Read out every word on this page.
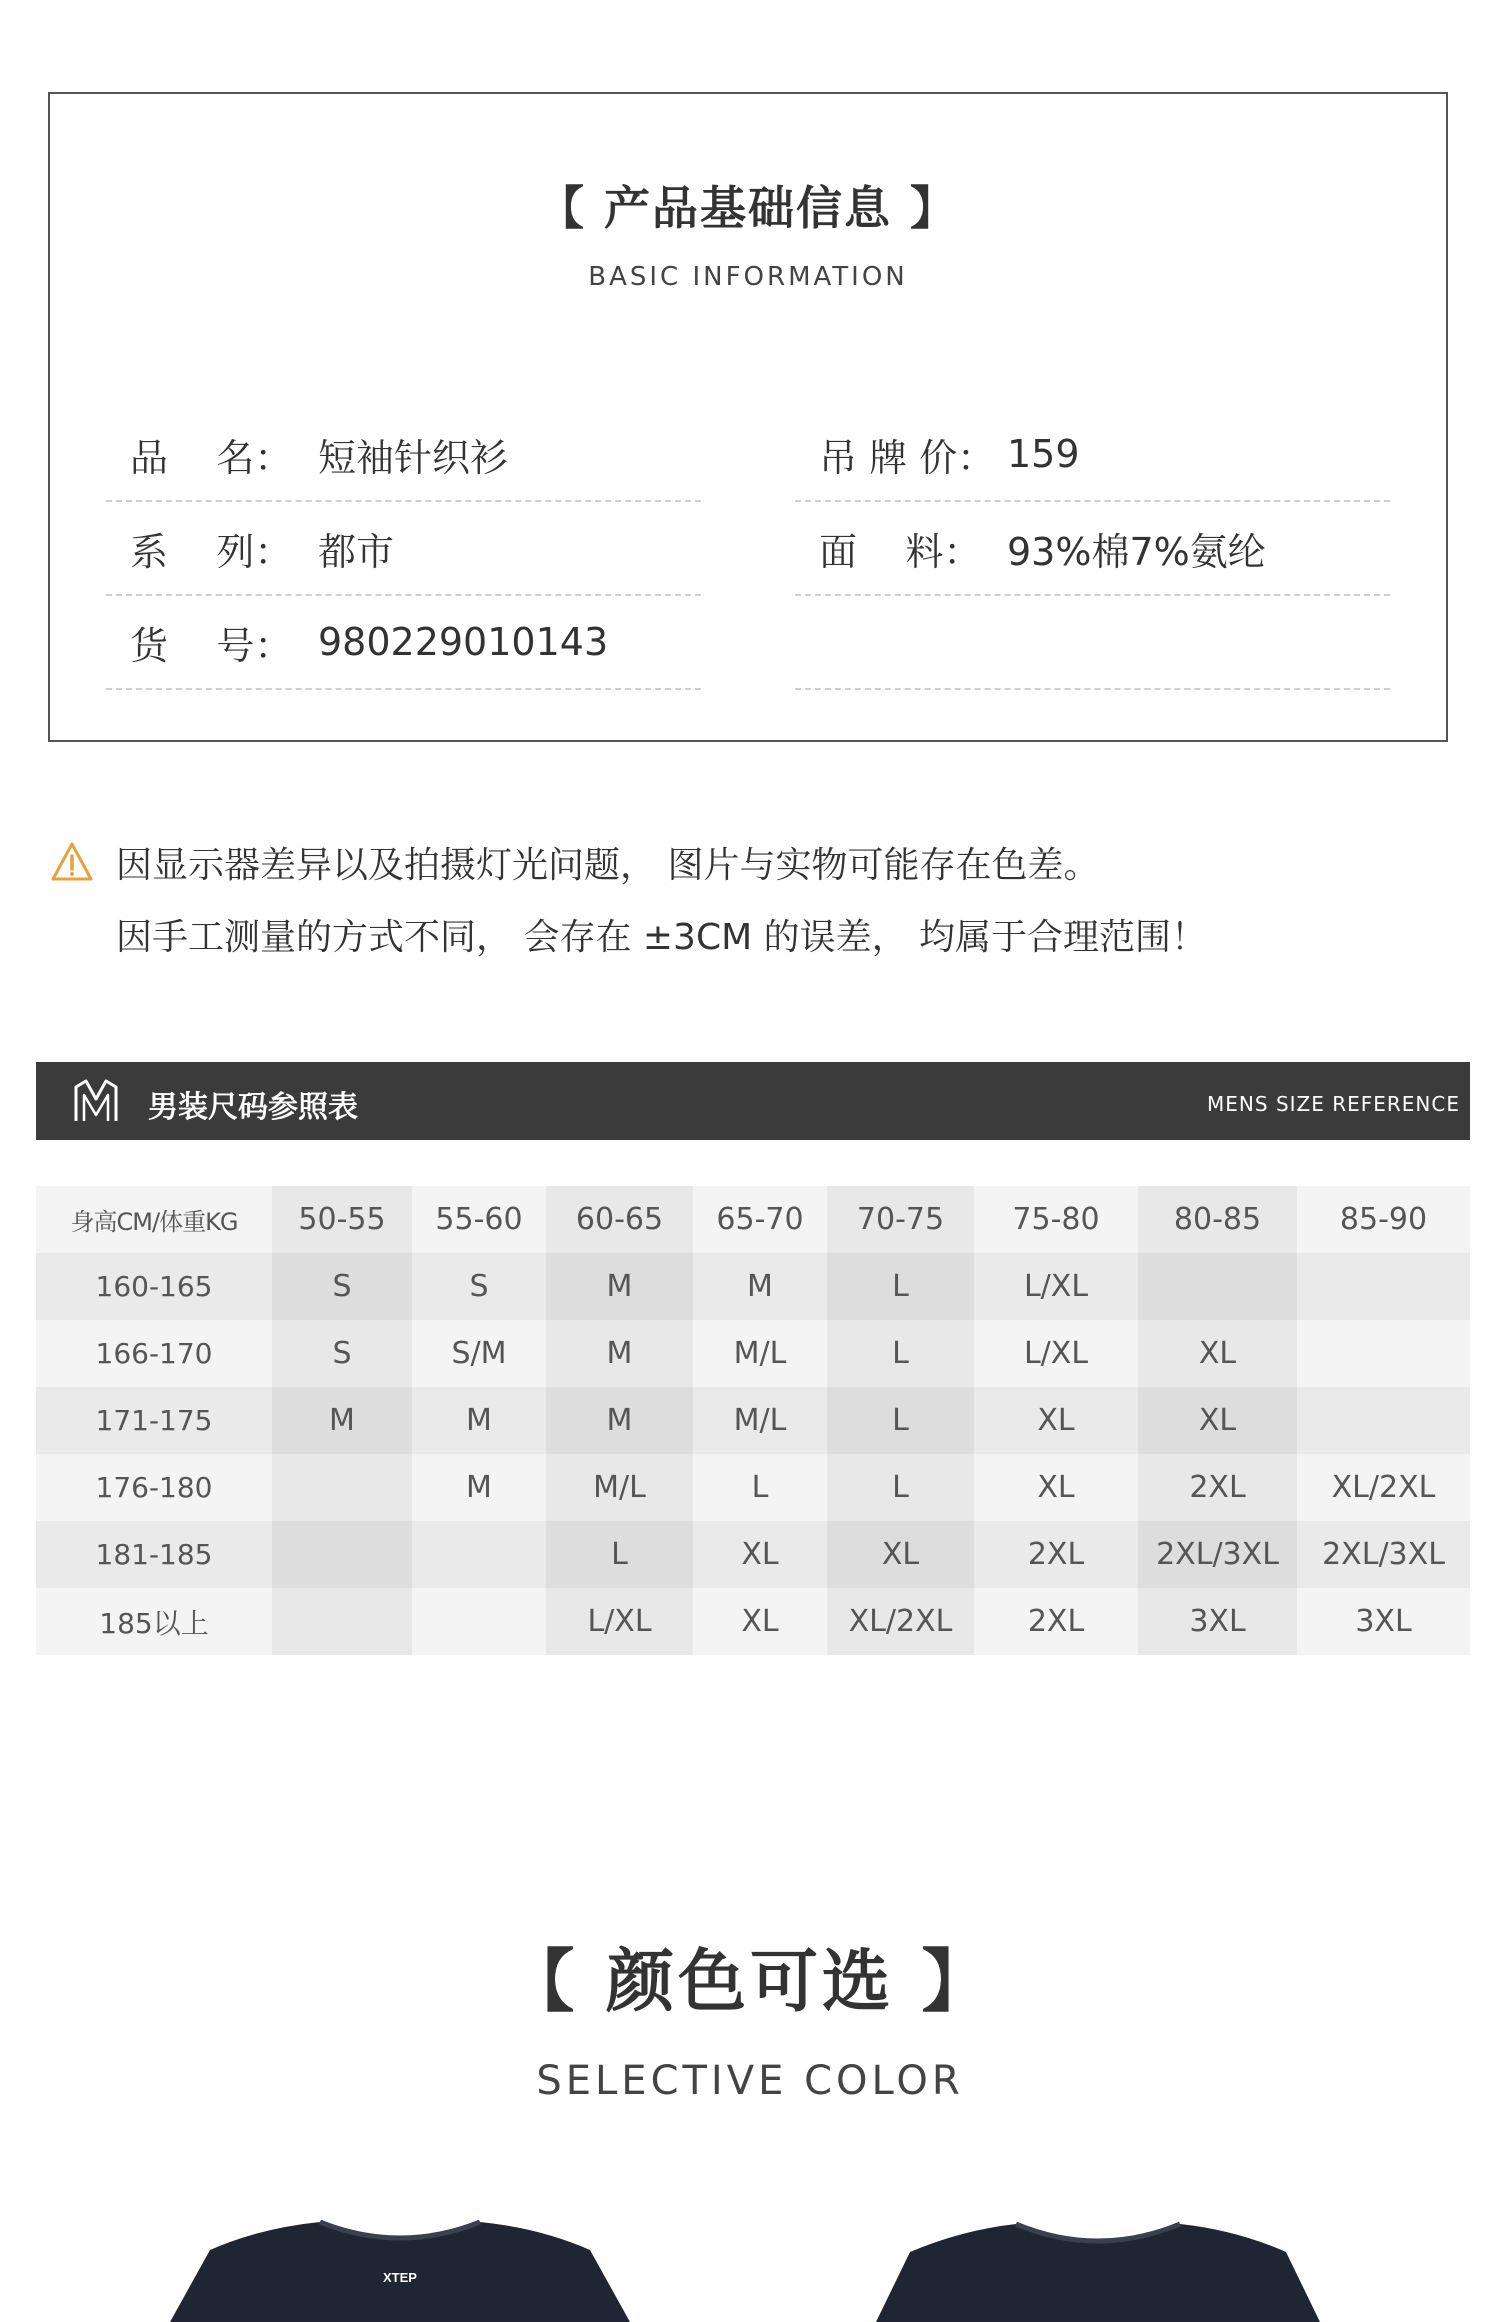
【 产品基础信息 】
BASIC INFORMATION
品    名： 短袖针织衫
系    列： 都市
货    号： 980229010143
吊 牌 价： 159
面    料： 93%棉7%氨纶
因显示器差异以及拍摄灯光问题， 图片与实物可能存在色差。
因手工测量的方式不同， 会存在 ±3CM 的误差， 均属于合理范围！
男装尺码参照表	MENS SIZE REFERENCE
身高CM/体重KG	50-55	55-60	60-65	65-70	70-75	75-80	80-85	85-90
160-165	S	S	M	M	L	L/XL		
166-170	S	S/M	M	M/L	L	L/XL	XL	
171-175	M	M	M	M/L	L	XL	XL	
176-180		M	M/L	L	L	XL	2XL	XL/2XL
181-185			L	XL	XL	2XL	2XL/3XL	2XL/3XL
185以上			L/XL	XL	XL/2XL	2XL	3XL	3XL
【 颜色可选 】
SELECTIVE COLOR
XTEP
